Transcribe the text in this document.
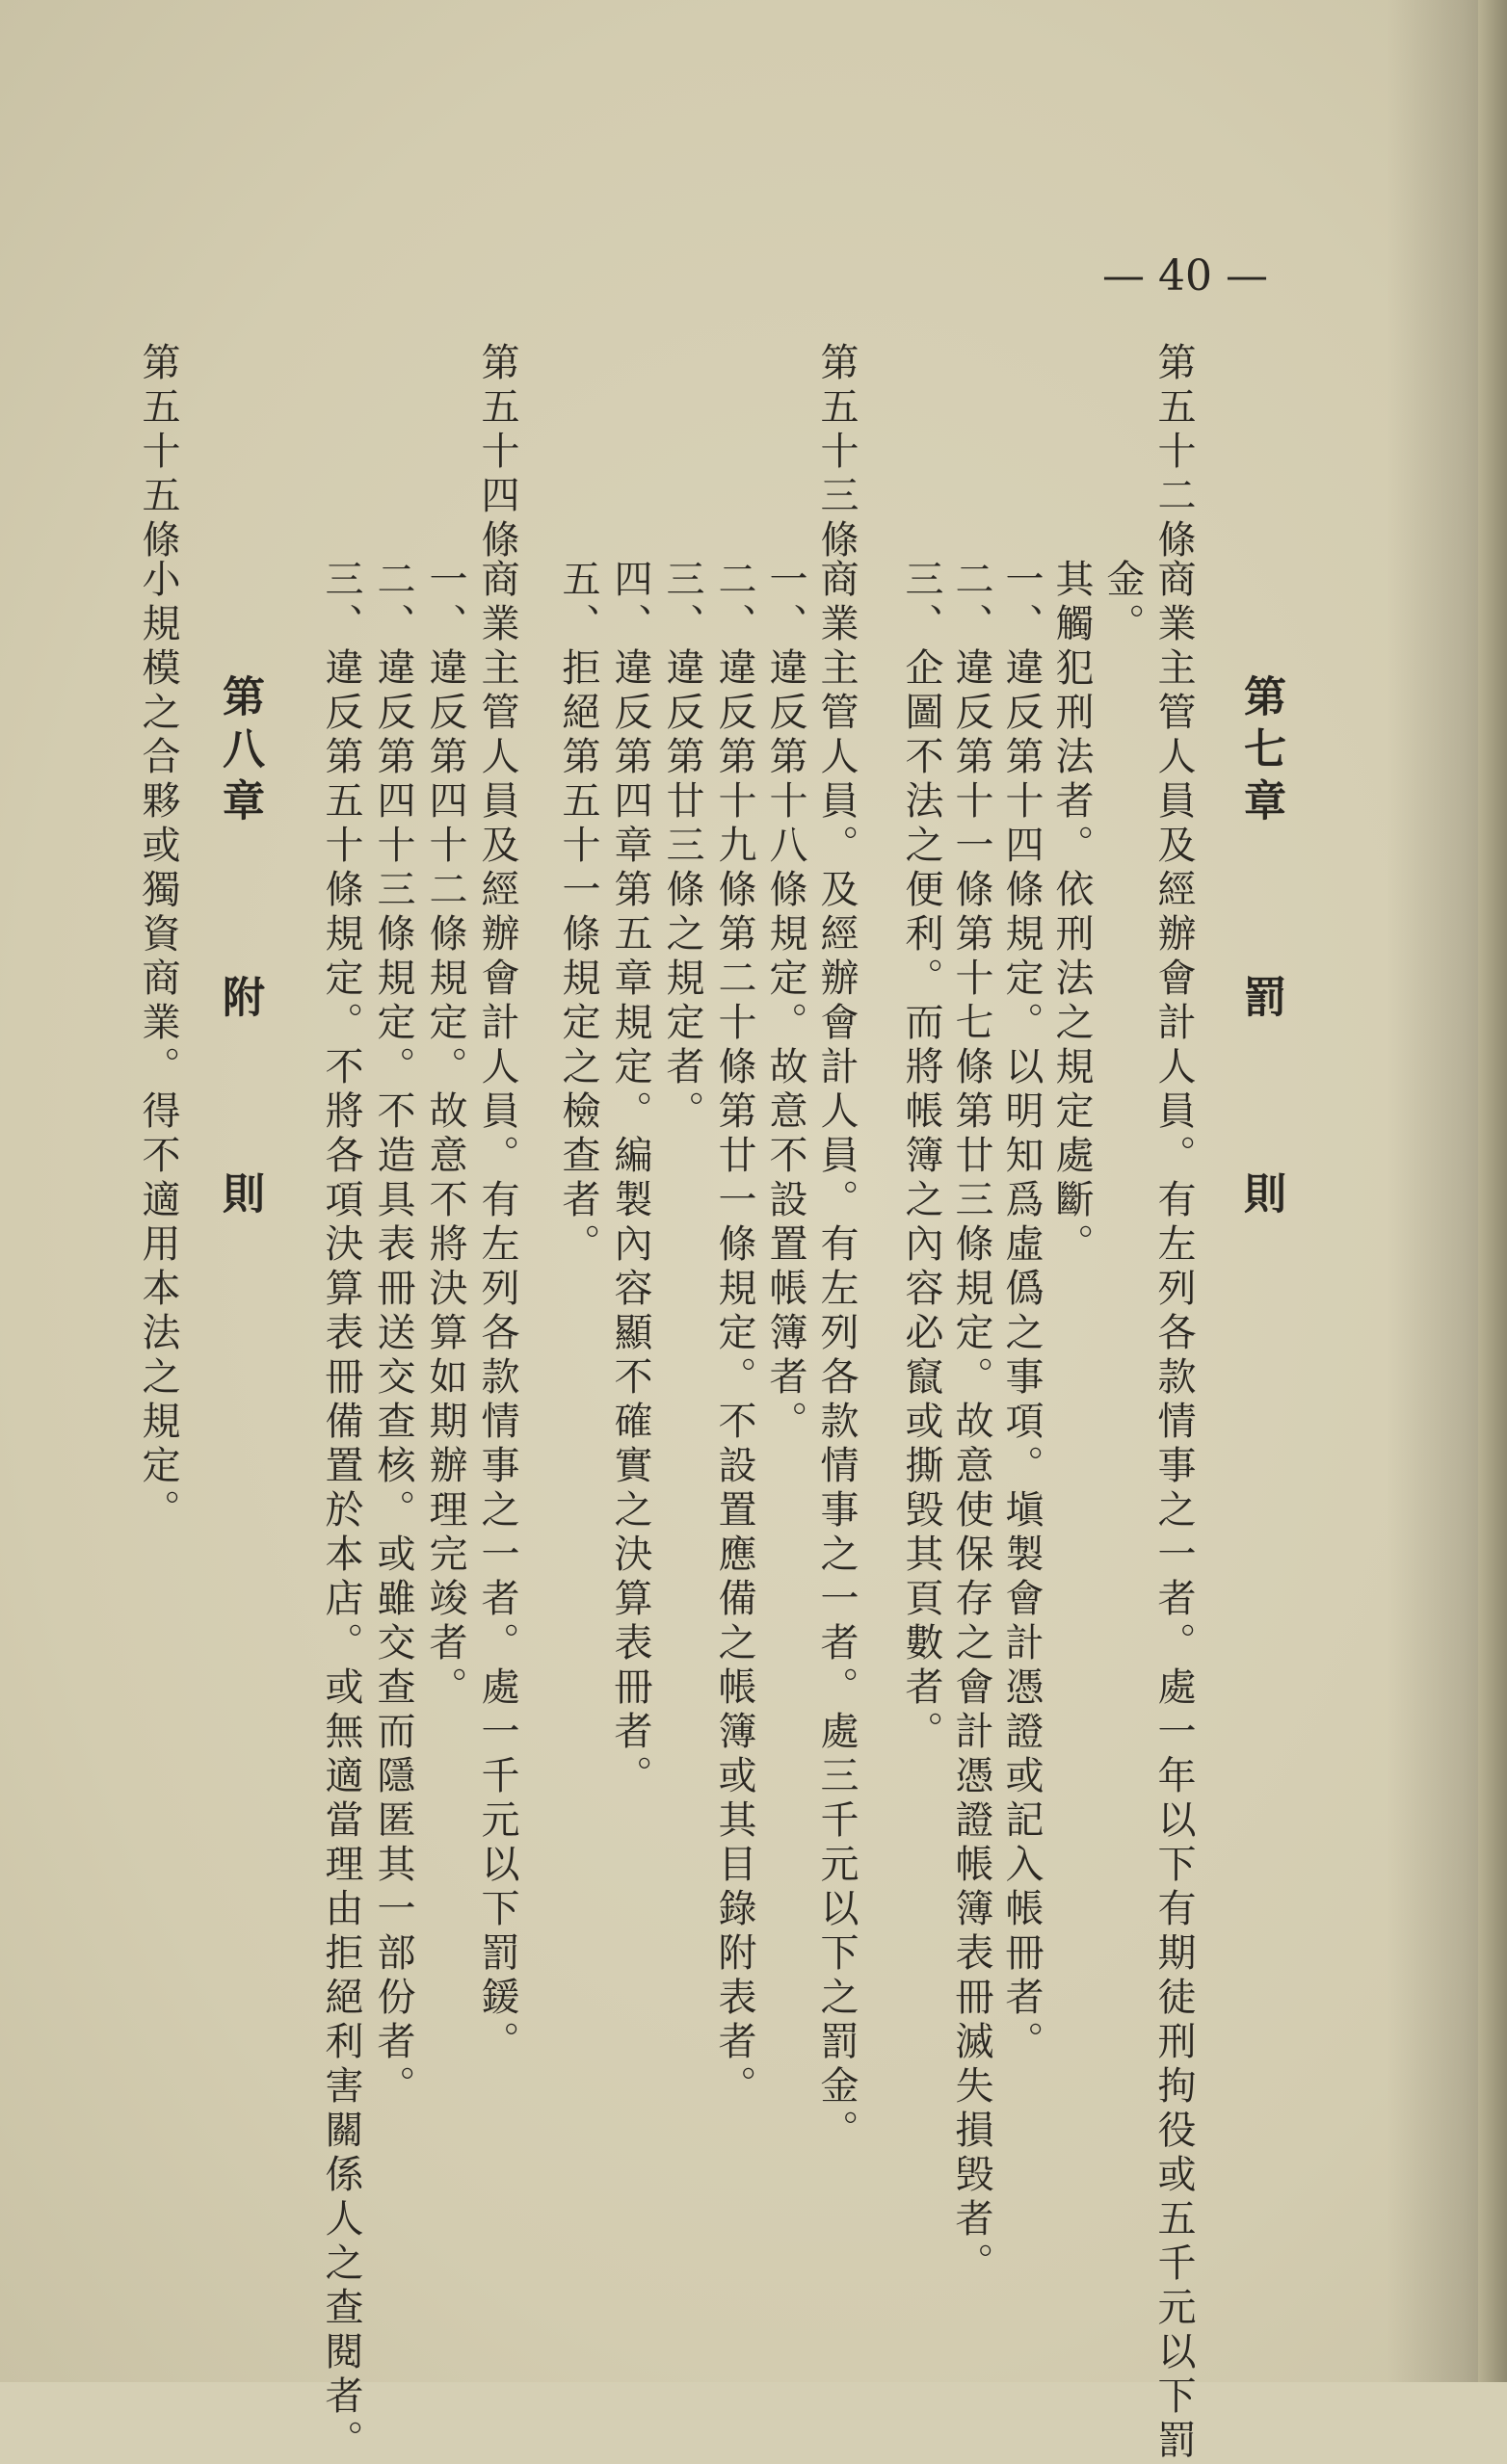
— 40 —
第七章罰則
第五十二條
商業主管人員及經辦會計人員。有左列各款情事之一者。處一年以下有期徒刑拘役或五千元以下罰
金。
其觸犯刑法者。依刑法之規定處斷。
一、違反第十四條規定。以明知爲虛僞之事項。塡製會計憑證或記入帳冊者。
二、違反第十一條第十七條第廿三條規定。故意使保存之會計憑證帳簿表冊滅失損毁者。
三、企圖不法之便利。而將帳簿之內容必竄或撕毁其頁數者。
第五十三條
商業主管人員。及經辦會計人員。有左列各款情事之一者。處三千元以下之罰金。
一、違反第十八條規定。故意不設置帳簿者。
二、違反第十九條第二十條第廿一條規定。不設置應備之帳簿或其目錄附表者。
三、違反第廿三條之規定者。
四、違反第四章第五章規定。編製內容顯不確實之決算表冊者。
五、拒絕第五十一條規定之檢查者。
第五十四條
商業主管人員及經辦會計人員。有左列各款情事之一者。處一千元以下罰鍰。
一、違反第四十二條規定。故意不將決算如期辦理完竣者。
二、違反第四十三條規定。不造具表冊送交查核。或雖交查而隱匿其一部份者。
三、違反第五十條規定。不將各項決算表冊備置於本店。或無適當理由拒絕利害關係人之查閱者。
第八章附則
第五十五條
小規模之合夥或獨資商業。得不適用本法之規定。
